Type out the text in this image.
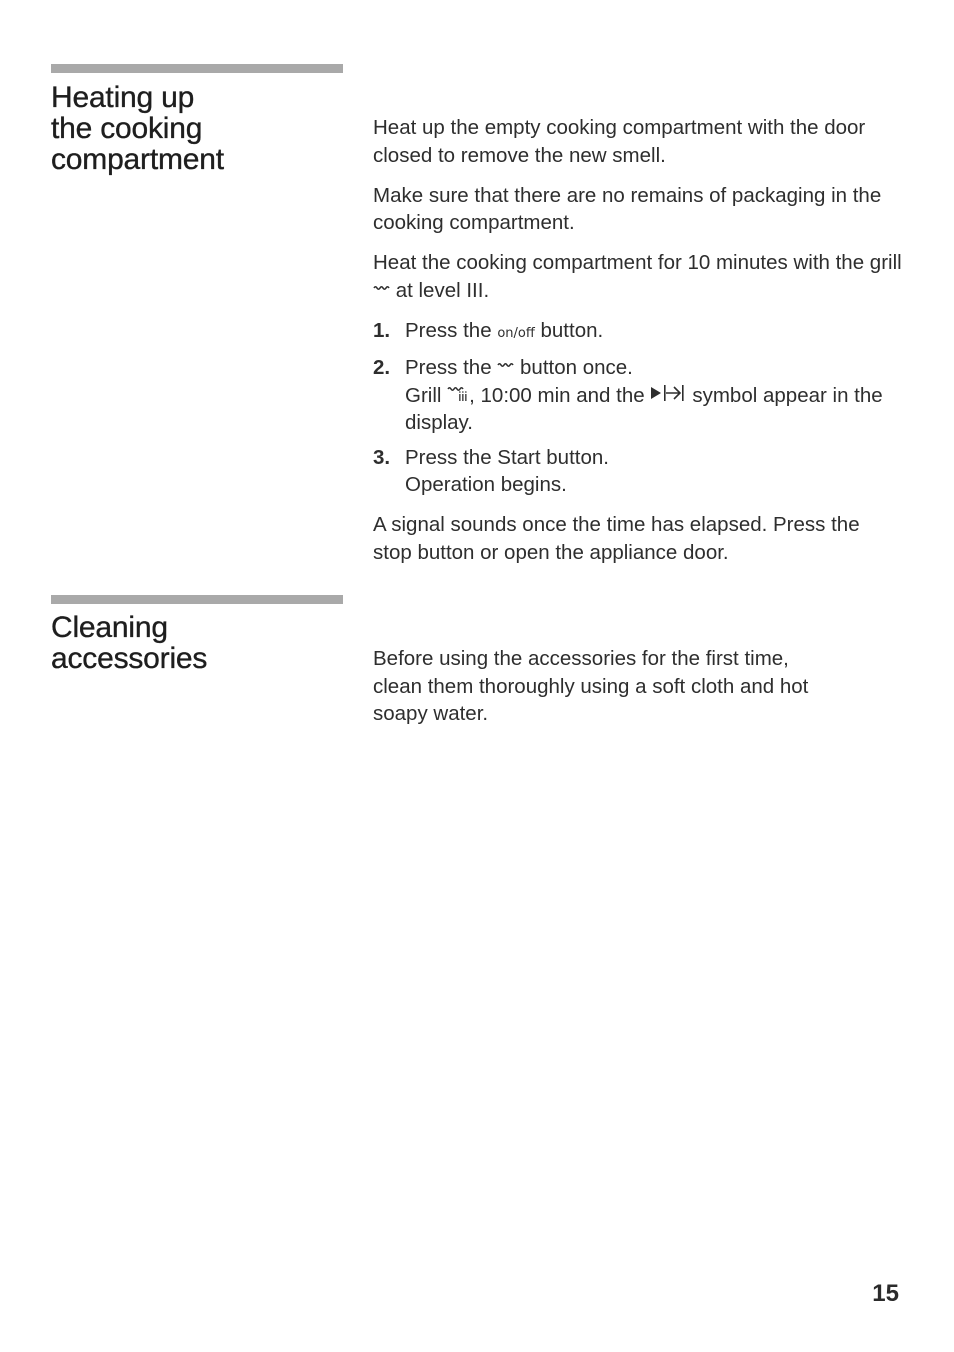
Heating up
the cooking
compartment

Heat up the empty cooking compartment with the door closed to remove the new smell.

Make sure that there are no remains of packaging in the cooking compartment.

Heat the cooking compartment for 10 minutes with the grill  at level III.

1. Press the on/off button.
2. Press the button once.
Grill , 10:00 min and the symbol appear in the display.
3. Press the Start button.
Operation begins.

A signal sounds once the time has elapsed. Press the stop button or open the appliance door.

Cleaning
accessories	Before using the accessories for the first time,
clean them thoroughly using a soft cloth and hot
soapy water.

15
